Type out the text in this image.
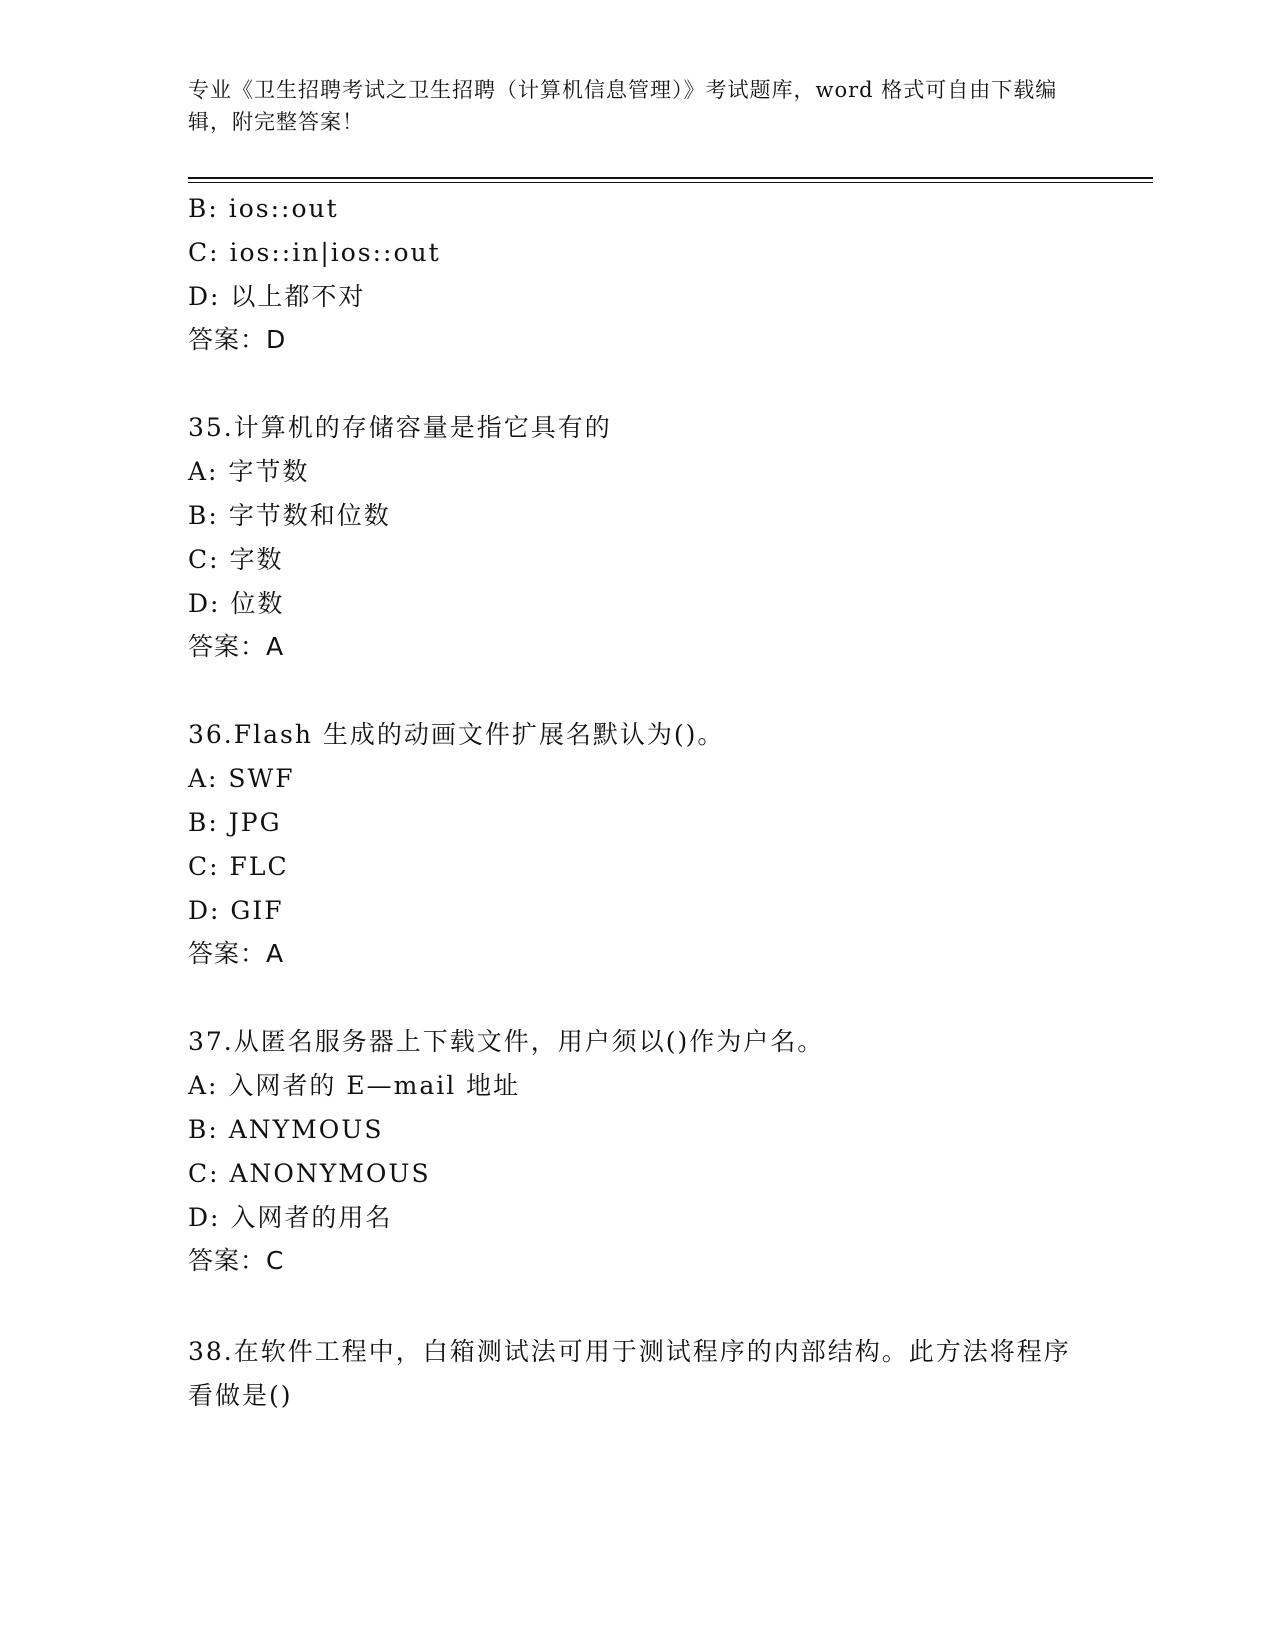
专业《卫生招聘考试之卫生招聘（计算机信息管理）》考试题库，word 格式可自由下载编辑，附完整答案！
B: ios::out
C: ios::in|ios::out
D: 以上都不对
答案：D
35.计算机的存储容量是指它具有的
A: 字节数
B: 字节数和位数
C: 字数
D: 位数
答案：A
36.Flash 生成的动画文件扩展名默认为()。
A: SWF
B: JPG
C: FLC
D: GIF
答案：A
37.从匿名服务器上下载文件，用户须以()作为户名。
A: 入网者的 E—mail 地址
B: ANYMOUS
C: ANONYMOUS
D: 入网者的用名
答案：C
38.在软件工程中，白箱测试法可用于测试程序的内部结构。此方法将程序看做是()
